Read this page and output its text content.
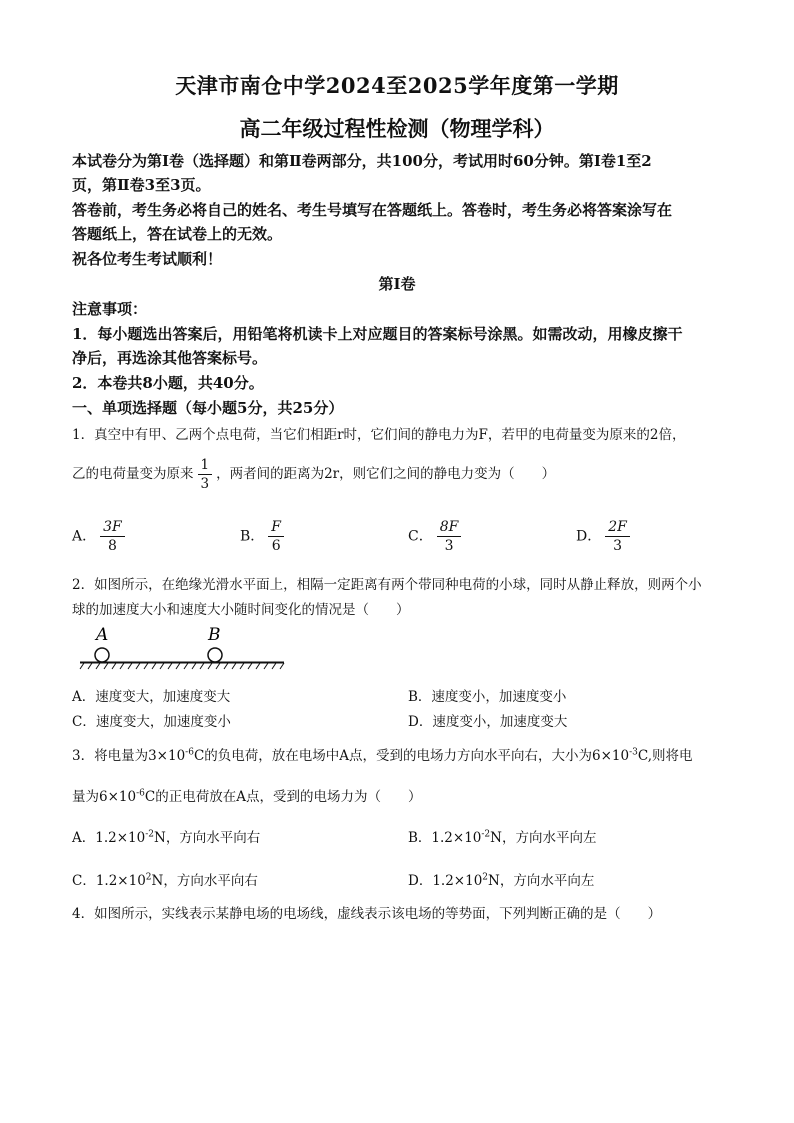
天津市南仓中学2024至2025学年度第一学期
高二年级过程性检测（物理学科）
本试卷分为第Ⅰ卷（选择题）和第Ⅱ卷两部分，共100分，考试用时60分钟。第Ⅰ卷1至2
页，第Ⅱ卷3至3页。
答卷前，考生务必将自己的姓名、考生号填写在答题纸上。答卷时，考生务必将答案涂写在
答题纸上，答在试卷上的无效。
祝各位考生考试顺利！
第Ⅰ卷
注意事项：
1．每小题选出答案后，用铅笔将机读卡上对应题目的答案标号涂黑。如需改动，用橡皮擦干
净后，再选涂其他答案标号。
2．本卷共8小题，共40分。
一、单项选择题（每小题5分，共25分）
1．真空中有甲、乙两个点电荷，当它们相距r时，它们间的静电力为F，若甲的电荷量变为原来的2倍，
乙的电荷量变为原来 $\frac{1}{3}$ ，两者间的距离为2r，则它们之间的静电力变为（　　）
A． $\frac{3F}{8}$	B． $\frac{F}{6}$	C． $\frac{8F}{3}$	D． $\frac{2F}{3}$
2．如图所示，在绝缘光滑水平面上，相隔一定距离有两个带同种电荷的小球，同时从静止释放，则两个小
球的加速度大小和速度大小随时间变化的情况是（　　）
A	B
A．速度变大，加速度变大	B．速度变小，加速度变小
C．速度变大，加速度变小	D．速度变小，加速度变大
3．将电量为$3\times 10^{-6}C$的负电荷，放在电场中A点，受到的电场力方向水平向右，大小为$6\times 10^{-3}C$,则将电
量为$6\times 10^{-6}C$的正电荷放在A点，受到的电场力为（　　）
A．$1.2\times 10^{-2}N$，方向水平向右	B．$1.2\times 10^{-2}N$，方向水平向左
C．$1.2\times 10^2N$，方向水平向右	D．$1.2\times 10^2N$，方向水平向左
4．如图所示，实线表示某静电场的电场线，虚线表示该电场的等势面，下列判断正确的是（　　）
